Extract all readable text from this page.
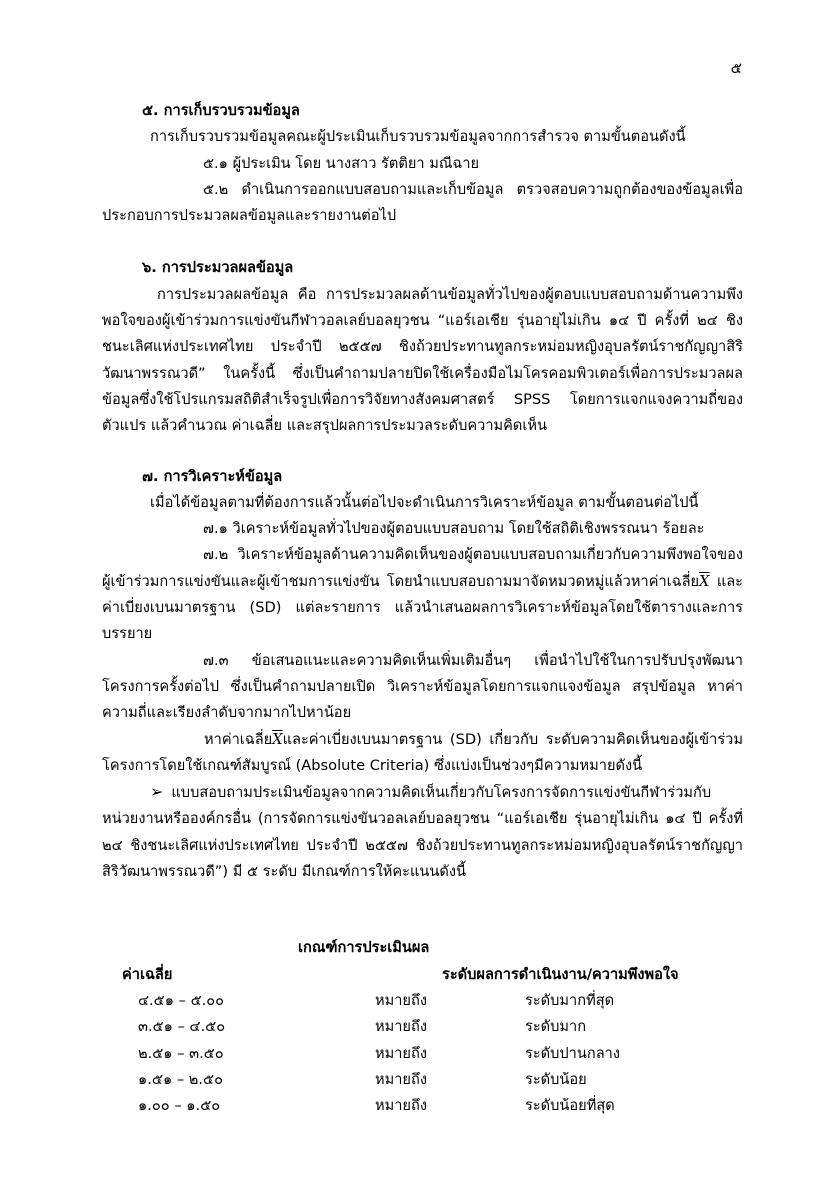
๕
๕. การเก็บรวบรวมข้อมูล
การเก็บรวบรวมข้อมูลคณะผู้ประเมินเก็บรวบรวมข้อมูลจากการสำรวจ ตามขั้นตอนดังนี้
๕.๑ ผู้ประเมิน โดย นางสาว รัตติยา มณีฉาย
๕.๒ ดำเนินการออกแบบสอบถามและเก็บข้อมูล ตรวจสอบความถูกต้องของข้อมูลเพื่อประกอบการประมวลผลข้อมูลและรายงานต่อไป
๖. การประมวลผลข้อมูล
การประมวลผลข้อมูล คือ การประมวลผลด้านข้อมูลทั่วไปของผู้ตอบแบบสอบถามด้านความพึงพอใจของผู้เข้าร่วมการแข่งขันกีฬาวอลเลย์บอลยุวชน “แอร์เอเชีย รุ่นอายุไม่เกิน ๑๔ ปี ครั้งที่ ๒๔ ชิงชนะเลิศแห่งประเทศไทย ประจำปี ๒๕๕๗ ชิงถ้วยประทานทูลกระหม่อมหญิงอุบลรัตน์ราชกัญญาสิริวัฒนาพรรณวดี” ในครั้งนี้ ซึ่งเป็นคำถามปลายปิดใช้เครื่องมือไมโครคอมพิวเตอร์เพื่อการประมวลผลข้อมูลซึ่งใช้โปรแกรมสถิติสำเร็จรูปเพื่อการวิจัยทางสังคมศาสตร์ SPSS โดยการแจกแจงความถี่ของตัวแปร แล้วคำนวณ ค่าเฉลี่ย และสรุปผลการประมวลระดับความคิดเห็น
๗. การวิเคราะห์ข้อมูล
เมื่อได้ข้อมูลตามที่ต้องการแล้วนั้นต่อไปจะดำเนินการวิเคราะห์ข้อมูล ตามขั้นตอนต่อไปนี้
๗.๑ วิเคราะห์ข้อมูลทั่วไปของผู้ตอบแบบสอบถาม โดยใช้สถิติเชิงพรรณนา ร้อยละ
๗.๒ วิเคราะห์ข้อมูลด้านความคิดเห็นของผู้ตอบแบบสอบถามเกี่ยวกับความพึงพอใจของผู้เข้าร่วมการแข่งขันและผู้เข้าชมการแข่งขัน โดยนำแบบสอบถามมาจัดหมวดหมู่แล้วหาค่าเฉลี่ย$\overline{X}$ และค่าเบี่ยงเบนมาตรฐาน (SD) แต่ละรายการ แล้วนำเสนอผลการวิเคราะห์ข้อมูลโดยใช้ตารางและการบรรยาย
๗.๓ ข้อเสนอแนะและความคิดเห็นเพิ่มเติมอื่นๆ เพื่อนำไปใช้ในการปรับปรุงพัฒนาโครงการครั้งต่อไป ซึ่งเป็นคำถามปลายเปิด วิเคราะห์ข้อมูลโดยการแจกแจงข้อมูล สรุปข้อมูล หาค่าความถี่และเรียงลำดับจากมากไปหาน้อย
หาค่าเฉลี่ย$\overline{X}$และค่าเบี่ยงเบนมาตรฐาน (SD) เกี่ยวกับ ระดับความคิดเห็นของผู้เข้าร่วมโครงการโดยใช้เกณฑ์สัมบูรณ์ (Absolute Criteria) ซึ่งแบ่งเป็นช่วงๆมีความหมายดังนี้
➢ แบบสอบถามประเมินข้อมูลจากความคิดเห็นเกี่ยวกับโครงการจัดการแข่งขันกีฬาร่วมกับหน่วยงานหรือองค์กรอื่น (การจัดการแข่งขันวอลเลย์บอลยุวชน “แอร์เอเชีย รุ่นอายุไม่เกิน ๑๔ ปี ครั้งที่ ๒๔ ชิงชนะเลิศแห่งประเทศไทย ประจำปี ๒๕๕๗ ชิงถ้วยประทานทูลกระหม่อมหญิงอุบลรัตน์ราชกัญญาสิริวัฒนาพรรณวดี”) มี ๕ ระดับ มีเกณฑ์การให้คะแนนดังนี้
เกณฑ์การประเมินผล
ค่าเฉลี่ย	ระดับผลการดำเนินงาน/ความพึงพอใจ
๔.๕๑ – ๕.๐๐	หมายถึง	ระดับมากที่สุด
๓.๕๑ – ๔.๕๐	หมายถึง	ระดับมาก
๒.๕๑ – ๓.๕๐	หมายถึง	ระดับปานกลาง
๑.๕๑ – ๒.๕๐	หมายถึง	ระดับน้อย
๑.๐๐ – ๑.๕๐	หมายถึง	ระดับน้อยที่สุด
